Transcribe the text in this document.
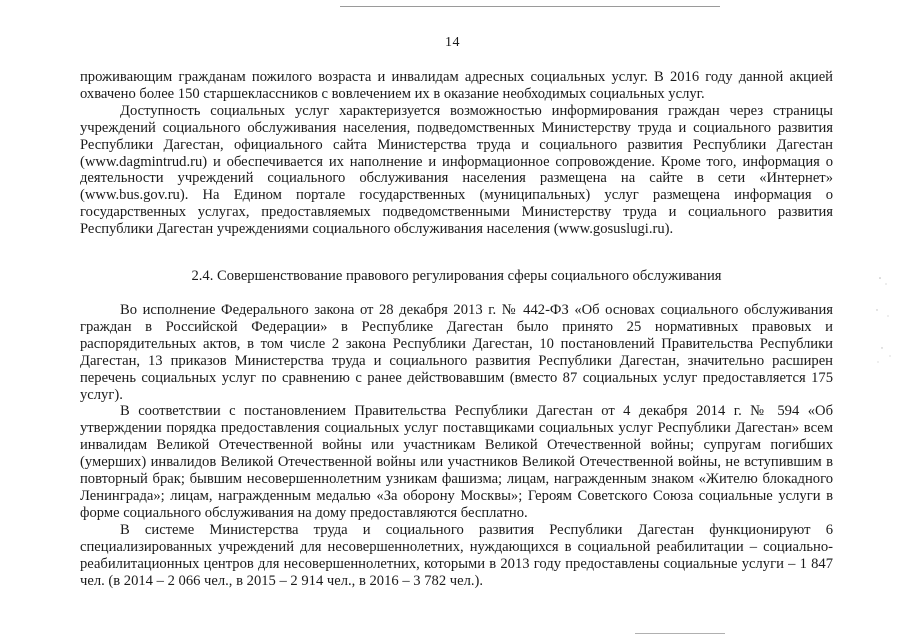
14

проживающим гражданам пожилого возраста и инвалидам адресных социальных услуг. В 2016 году данной акцией охвачено более 150 старшеклассников с вовлечением их в оказание необходимых социальных услуг.

Доступность социальных услуг характеризуется возможностью информирования граждан через страницы учреждений социального обслуживания населения, подведомственных Министерству труда и социального развития Республики Дагестан, официального сайта Министерства труда и социального развития Республики Дагестан (www.dagmintrud.ru) и обеспечивается их наполнение и информационное сопровождение. Кроме того, информация о деятельности учреждений социального обслуживания населения размещена на сайте в сети «Интернет» (www.bus.gov.ru). На Едином портале государственных (муниципальных) услуг размещена информация о государственных услугах, предоставляемых подведомственными Министерству труда и социального развития Республики Дагестан учреждениями социального обслуживания населения (www.gosuslugi.ru).

2.4. Совершенствование правового регулирования сферы социального обслуживания

Во исполнение Федерального закона от 28 декабря 2013 г. № 442-ФЗ «Об основах социального обслуживания граждан в Российской Федерации» в Республике Дагестан было принято 25 нормативных правовых и распорядительных актов, в том числе 2 закона Республики Дагестан, 10 постановлений Правительства Республики Дагестан, 13 приказов Министерства труда и социального развития Республики Дагестан, значительно расширен перечень социальных услуг по сравнению с ранее действовавшим (вместо 87 социальных услуг предоставляется 175 услуг).

В соответствии с постановлением Правительства Республики Дагестан от 4 декабря 2014 г. № 594 «Об утверждении порядка предоставления социальных услуг поставщиками социальных услуг Республики Дагестан» всем инвалидам Великой Отечественной войны или участникам Великой Отечественной войны; супругам погибших (умерших) инвалидов Великой Отечественной войны или участников Великой Отечественной войны, не вступившим в повторный брак; бывшим несовершеннолетним узникам фашизма; лицам, награжденным знаком «Жителю блокадного Ленинграда»; лицам, награжденным медалью «За оборону Москвы»; Героям Советского Союза социальные услуги в форме социального обслуживания на дому предоставляются бесплатно.

В системе Министерства труда и социального развития Республики Дагестан функционируют 6 специализированных учреждений для несовершеннолетних, нуждающихся в социальной реабилитации – социально-реабилитационных центров для несовершеннолетних, которыми в 2013 году предоставлены социальные услуги – 1 847 чел. (в 2014 – 2 066 чел., в 2015 – 2 914 чел., в 2016 – 3 782 чел.).
